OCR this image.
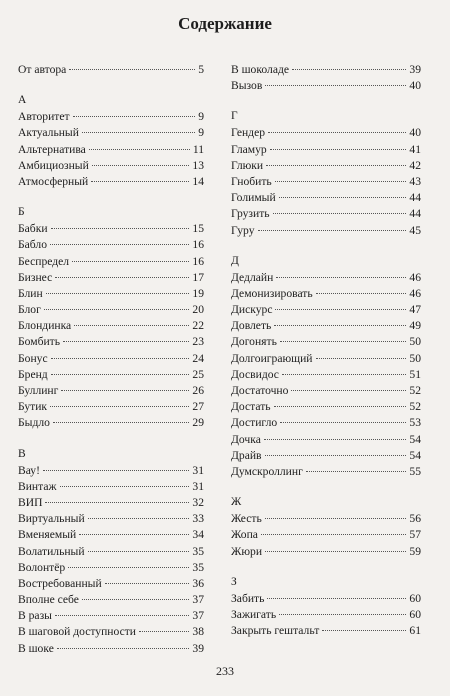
Содержание
От автора	5
А
Авторитет	9
Актуальный	9
Альтернатива	11
Амбициозный	13
Атмосферный	14
Б
Бабки	15
Бабло	16
Беспредел	16
Бизнес	17
Блин	19
Блог	20
Блондинка	22
Бомбить	23
Бонус	24
Бренд	25
Буллинг	26
Бутик	27
Быдло	29
В
Вау!	31
Винтаж	31
ВИП	32
Виртуальный	33
Вменяемый	34
Волатильный	35
Волонтёр	35
Востребованный	36
Вполне себе	37
В разы	37
В шаговой доступности	38
В шоке	39
В шоколаде	39
Вызов	40
Г
Гендер	40
Гламур	41
Глюки	42
Гнобить	43
Голимый	44
Грузить	44
Гуру	45
Д
Дедлайн	46
Демонизировать	46
Дискурс	47
Довлеть	49
Догонять	50
Долгоиграющий	50
Досвидос	51
Достаточно	52
Достать	52
Достигло	53
Дочка	54
Драйв	54
Думскроллинг	55
Ж
Жесть	56
Жопа	57
Жюри	59
З
Забить	60
Зажигать	60
Закрыть гештальт	61
233
